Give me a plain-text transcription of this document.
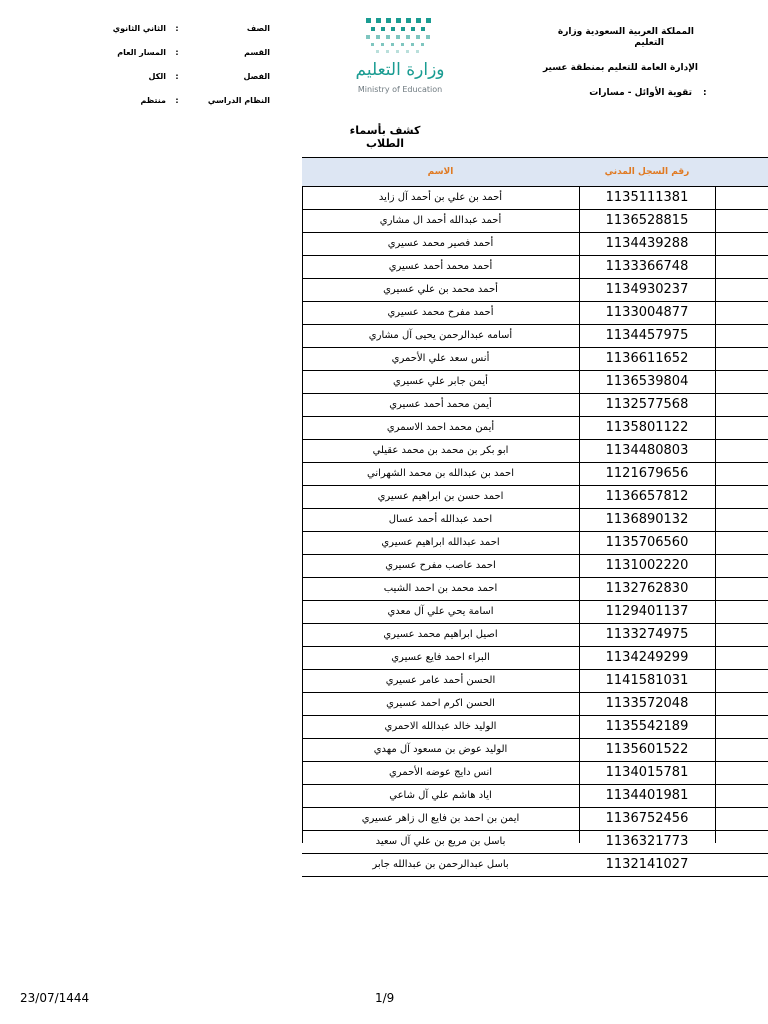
المملكة العربية السعودية وزارة
التعليم
الإدارة العامة للتعليم بمنطقة عسير
:
تقوية الأوائل - مسارات
وزارة التعليم
Ministry of Education
الثاني الثانوي :	الصف
المسار العام :	القسم
الكل :	الفصل
منتظم :	النظام الدراسي
كشف بأسماء الطلاب
الاسم	رقم السجل المدني
أحمد بن علي بن أحمد آل زايد	1135111381
أحمد عبدالله أحمد ال مشاري	1136528815
أحمد فصير محمد عسيري	1134439288
أحمد محمد أحمد عسيري	1133366748
أحمد محمد بن علي عسيري	1134930237
أحمد مفرح محمد عسيري	1133004877
أسامه عبدالرحمن يحيى آل مشاري	1134457975
أنس سعد علي الأحمري	1136611652
أيمن جابر علي عسيري	1136539804
أيمن محمد أحمد عسيري	1132577568
أيمن محمد احمد الاسمري	1135801122
ابو بكر بن محمد بن محمد عقيلي	1134480803
احمد بن عبدالله بن محمد الشهراني	1121679656
احمد حسن بن ابراهيم عسيري	1136657812
احمد عبدالله أحمد عسال	1136890132
احمد عبدالله ابراهيم عسيري	1135706560
احمد عاصب مفرح عسيري	1131002220
احمد محمد بن احمد الشيب	1132762830
اسامة يحي علي آل معدي	1129401137
اصيل ابراهيم محمد عسيري	1133274975
البراء احمد فايع عسيري	1134249299
الحسن أحمد عامر عسيري	1141581031
الحسن اكرم احمد عسيري	1133572048
الوليد خالد عبدالله الاحمري	1135542189
الوليد عوض بن مسعود آل مهدي	1135601522
انس دايج عوضه الأحمري	1134015781
اياد هاشم علي آل شاعي	1134401981
ايمن بن احمد بن فايع ال زاهر عسيري	1136752456
باسل بن مريع بن علي آل سعيد	1136321773
باسل عبدالرحمن بن عبدالله جابر	1132141027
23/07/1444	1/9
